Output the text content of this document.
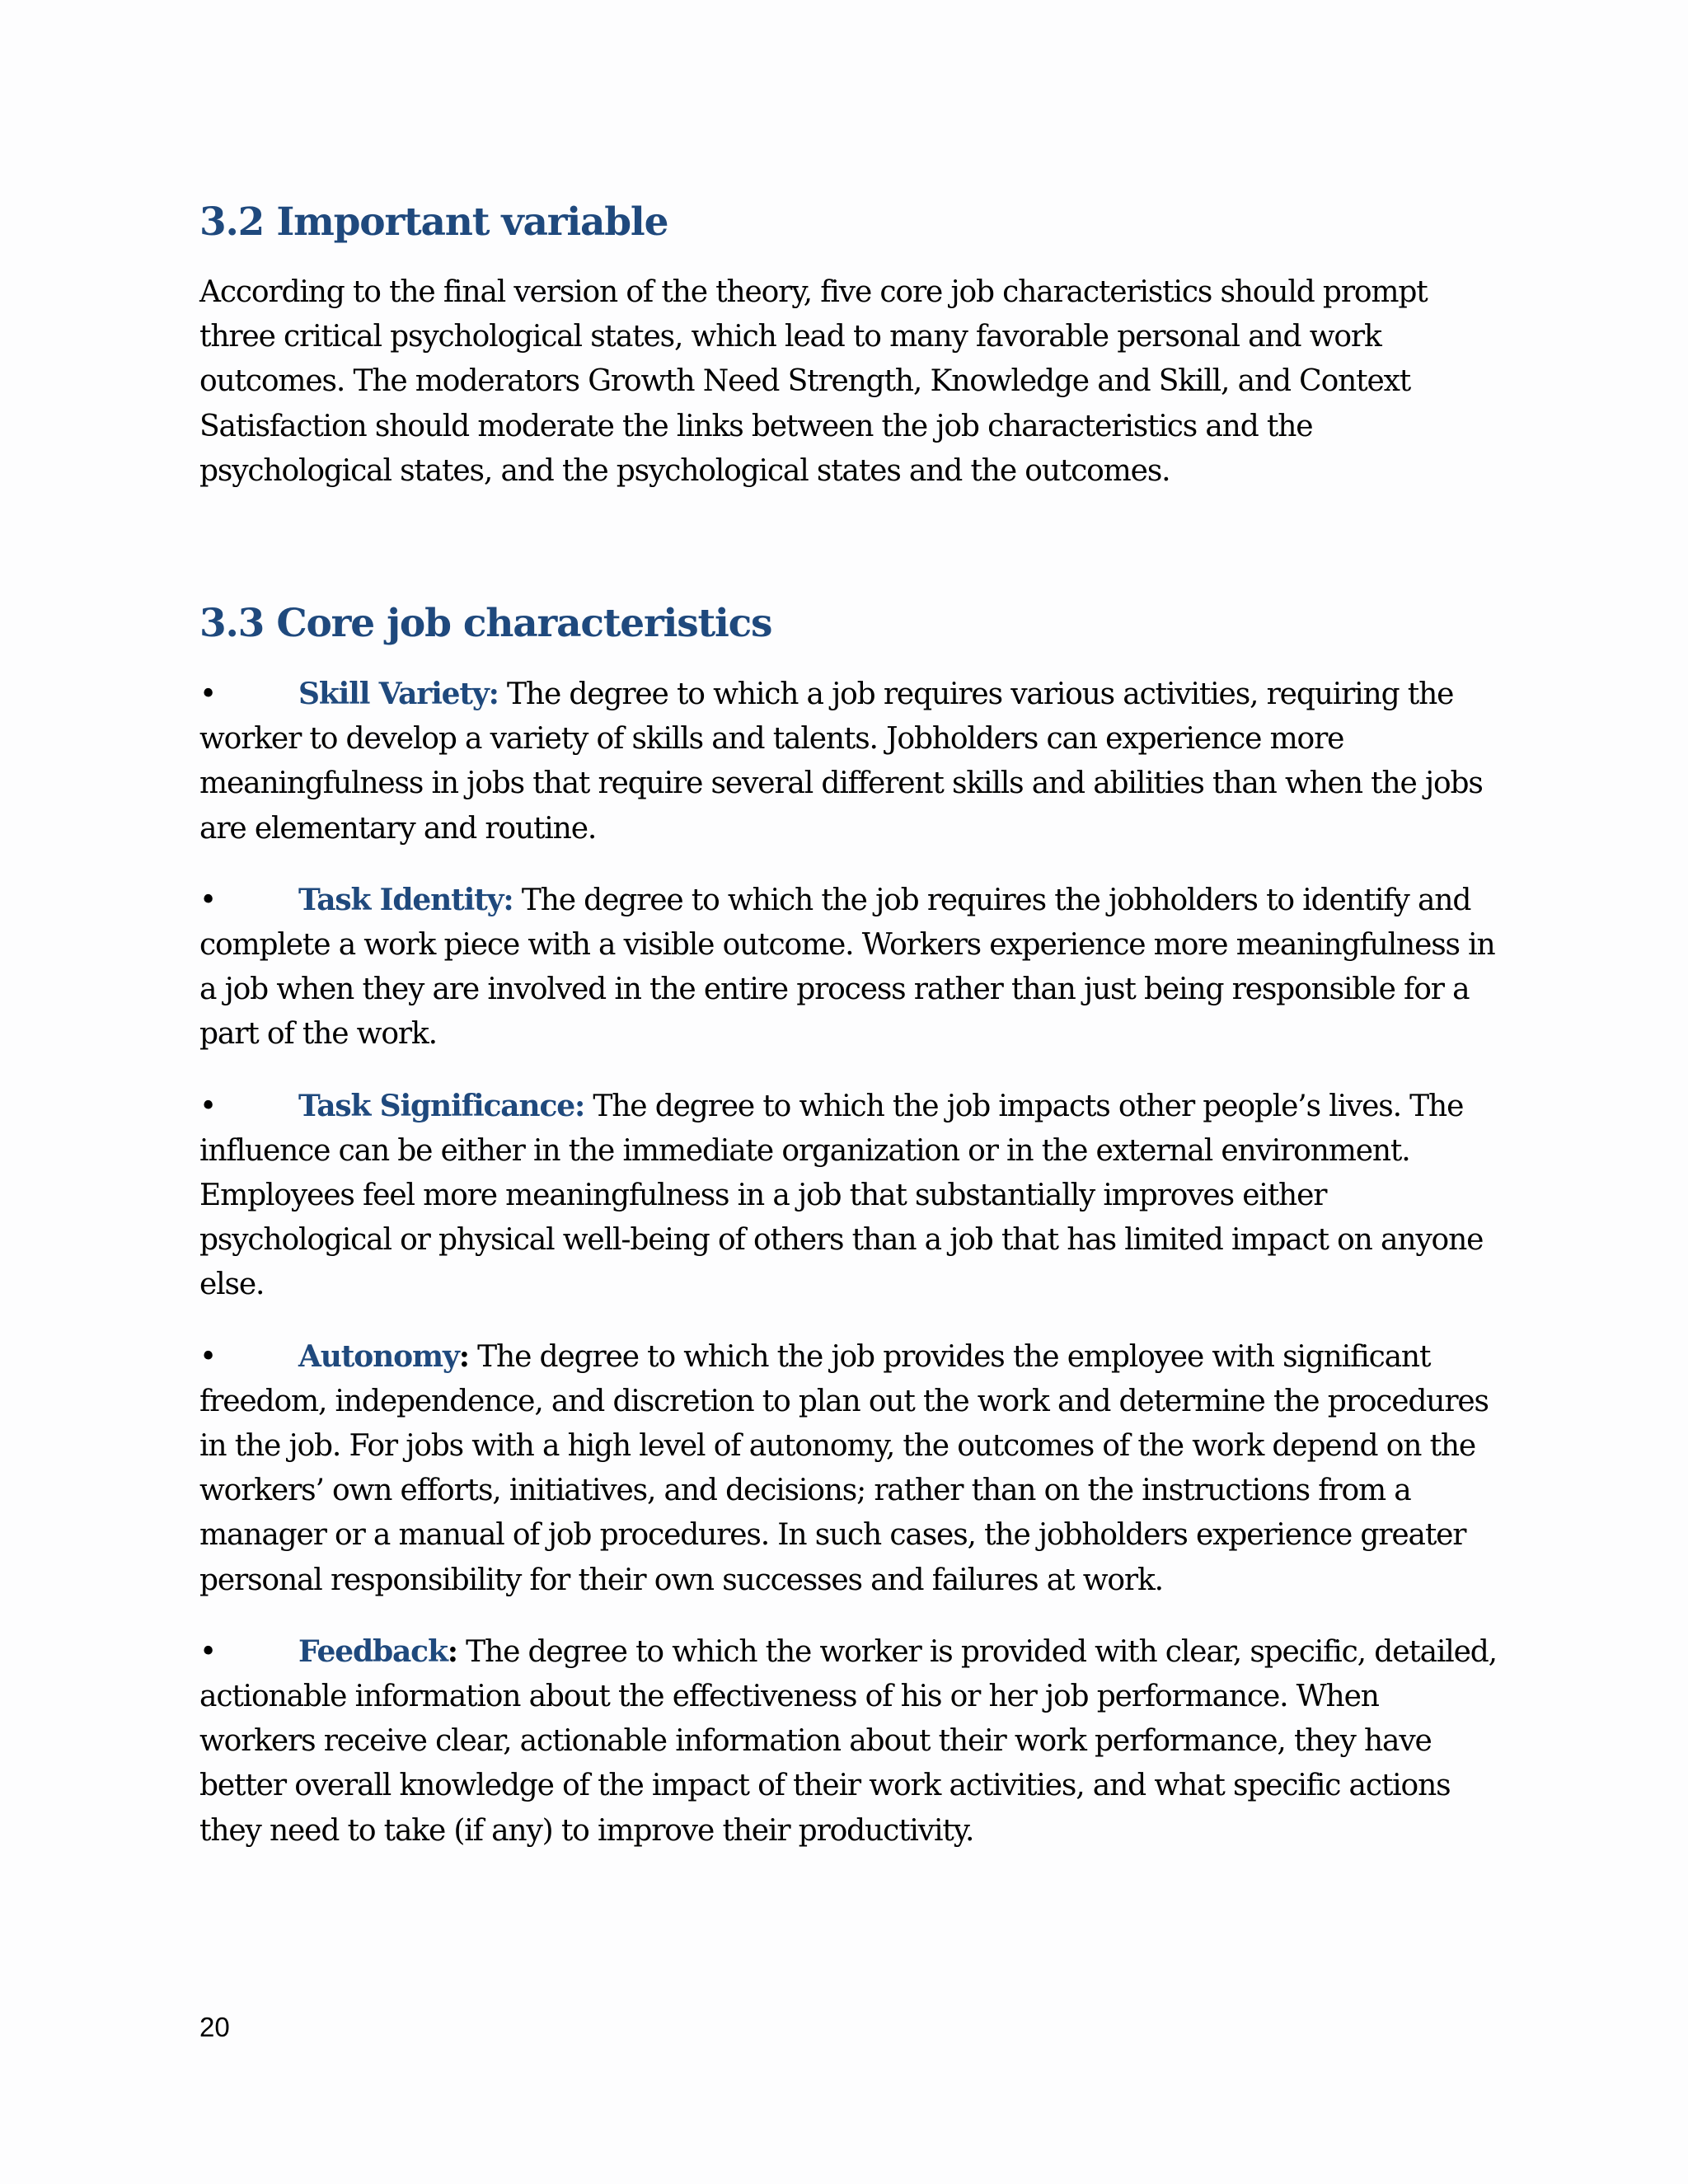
3.2 Important variable

According to the final version of the theory, five core job characteristics should prompt three critical psychological states, which lead to many favorable personal and work outcomes. The moderators Growth Need Strength, Knowledge and Skill, and Context Satisfaction should moderate the links between the job characteristics and the psychological states, and the psychological states and the outcomes.

3.3 Core job characteristics

•	Skill Variety: The degree to which a job requires various activities, requiring the worker to develop a variety of skills and talents. Jobholders can experience more meaningfulness in jobs that require several different skills and abilities than when the jobs are elementary and routine.

•	Task Identity: The degree to which the job requires the jobholders to identify and complete a work piece with a visible outcome. Workers experience more meaningfulness in a job when they are involved in the entire process rather than just being responsible for a part of the work.

•	Task Significance: The degree to which the job impacts other people’s lives. The influence can be either in the immediate organization or in the external environment. Employees feel more meaningfulness in a job that substantially improves either psychological or physical well-being of others than a job that has limited impact on anyone else.

•	Autonomy: The degree to which the job provides the employee with significant freedom, independence, and discretion to plan out the work and determine the procedures in the job. For jobs with a high level of autonomy, the outcomes of the work depend on the workers’ own efforts, initiatives, and decisions; rather than on the instructions from a manager or a manual of job procedures. In such cases, the jobholders experience greater personal responsibility for their own successes and failures at work.

•	Feedback: The degree to which the worker is provided with clear, specific, detailed, actionable information about the effectiveness of his or her job performance. When workers receive clear, actionable information about their work performance, they have better overall knowledge of the impact of their work activities, and what specific actions they need to take (if any) to improve their productivity.

20
